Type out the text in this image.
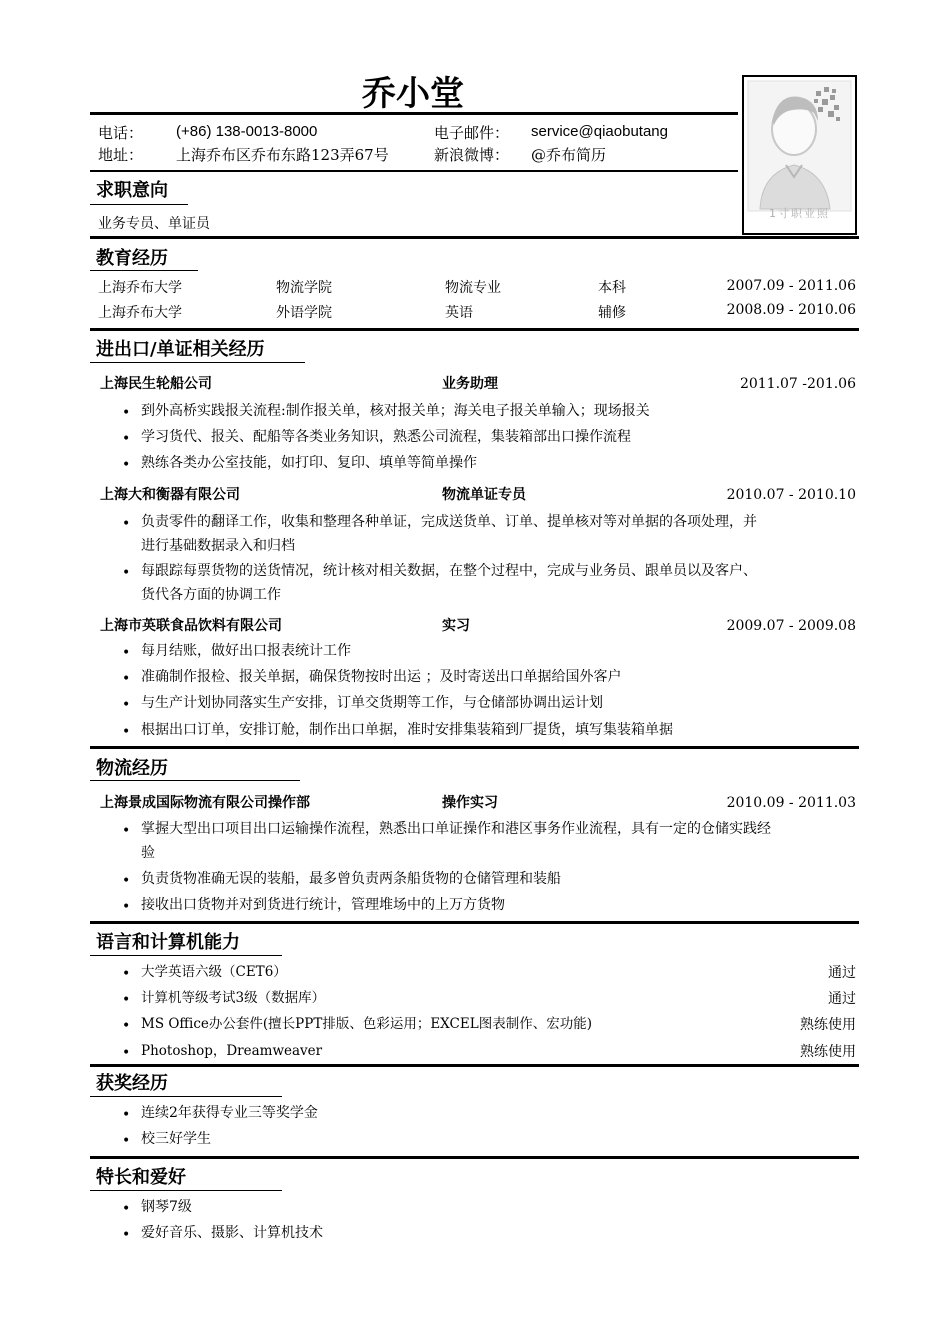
乔小堂
电话： (+86) 138-0013-8000	电子邮件： service@qiaobutang
地址： 上海乔布区乔布东路123弄67号	新浪微博： @乔布简历
1寸职业照
求职意向
业务专员、单证员
教育经历
上海乔布大学	物流学院	物流专业	本科	2007.09 - 2011.06
上海乔布大学	外语学院	英语	辅修	2008.09 - 2010.06
进出口/单证相关经历
上海民生轮船公司	业务助理	2011.07 -201.06
• 到外高桥实践报关流程:制作报关单，核对报关单；海关电子报关单输入；现场报关
• 学习货代、报关、配船等各类业务知识，熟悉公司流程，集装箱部出口操作流程
• 熟练各类办公室技能，如打印、复印、填单等简单操作
上海大和衡器有限公司	物流单证专员	2010.07 - 2010.10
• 负责零件的翻译工作，收集和整理各种单证，完成送货单、订单、提单核对等对单据的各项处理，并
进行基础数据录入和归档
• 每跟踪每票货物的送货情况，统计核对相关数据，在整个过程中，完成与业务员、跟单员以及客户、
货代各方面的协调工作
上海市英联食品饮料有限公司	实习	2009.07 - 2009.08
• 每月结账，做好出口报表统计工作
• 准确制作报检、报关单据，确保货物按时出运 ；及时寄送出口单据给国外客户
• 与生产计划协同落实生产安排，订单交货期等工作，与仓储部协调出运计划
• 根据出口订单，安排订舱，制作出口单据，准时安排集装箱到厂提货，填写集装箱单据
物流经历
上海景成国际物流有限公司操作部	操作实习	2010.09 - 2011.03
• 掌握大型出口项目出口运输操作流程，熟悉出口单证操作和港区事务作业流程，具有一定的仓储实践经
验
• 负责货物准确无误的装船，最多曾负责两条船货物的仓储管理和装船
• 接收出口货物并对到货进行统计，管理堆场中的上万方货物
语言和计算机能力
• 大学英语六级（CET6）	通过
• 计算机等级考试3级（数据库）	通过
• MS Office办公套件(擅长PPT排版、色彩运用；EXCEL图表制作、宏功能)	熟练使用
• Photoshop，Dreamweaver	熟练使用
获奖经历
• 连续2年获得专业三等奖学金
• 校三好学生
特长和爱好
• 钢琴7级
• 爱好音乐、摄影、计算机技术
